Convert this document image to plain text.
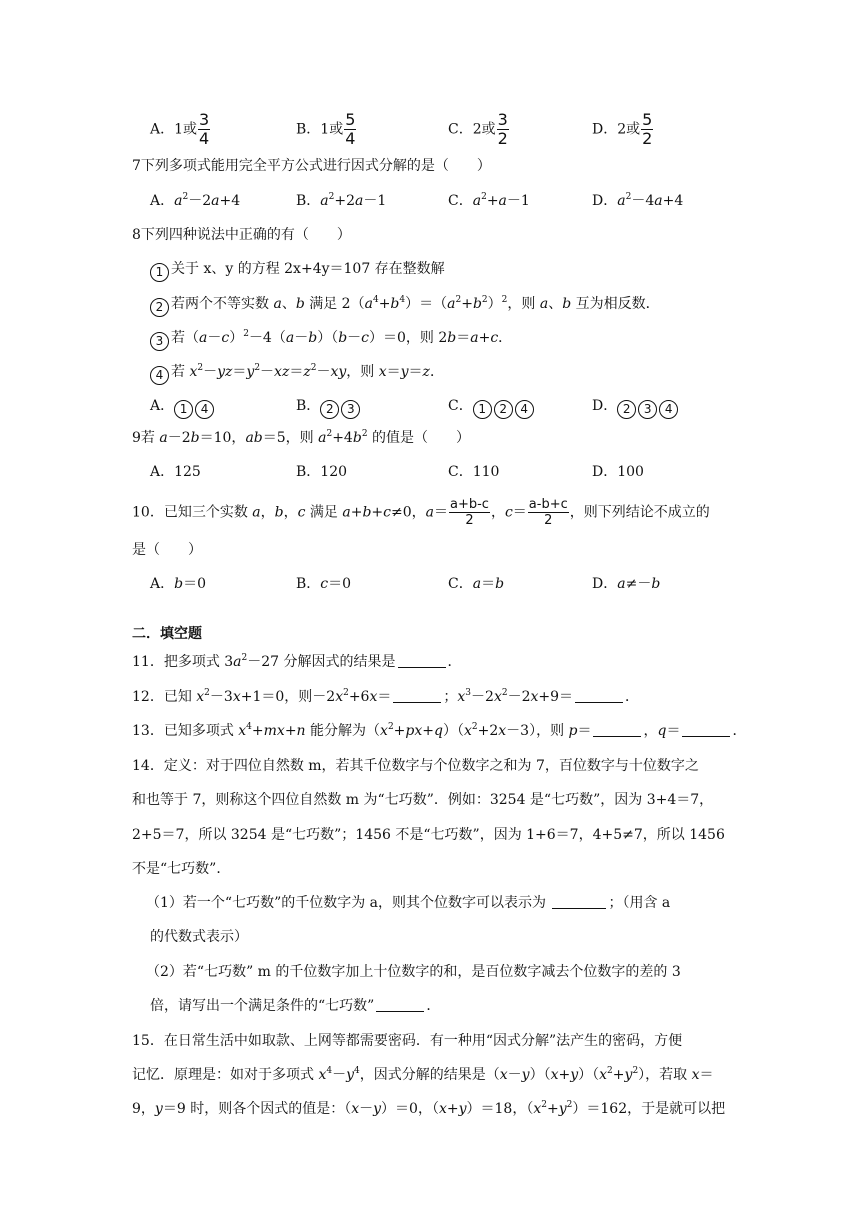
A．1或 $\frac{3}{4}$	B．1或 $\frac{5}{4}$	C．2或 $\frac{3}{2}$	D．2或 $\frac{5}{2}$
7下列多项式能用完全平方公式进行因式分解的是（　　）
A．$a^2-2a+4$	B．$a^2+2a-1$	C．$a^2+a-1$	D．$a^2-4a+4$
8下列四种说法中正确的有（　　）
1 关于 x、y 的方程 2x+4y＝107 存在整数解
2 若两个不等实数 a、b 满足 $2(a^4+b^4)=(a^2+b^2)^2$，则 a、b 互为相反数．
3 若$(a-c)^2-4(a-b)(b-c)=0$，则 2b＝a+c．
4 若 $x^2-yz=y^2-xz=z^2-xy$，则 x＝y＝z．
A． 1 4	B． 2 3	C． 1 2 4	D． 2 3 4
9若 a－2b＝10，ab＝5，则 $a^2+4b^2$ 的值是（　　）
A．125	B．120	C．110	D．100
10．已知三个实数 a，b，c 满足 a+b+c≠0，$a= \frac{a+b-c}{2}$ ，$c= \frac{a-b+c}{2}$ ，则下列结论不成立的
是（　　）
A．b＝0	B．c＝0	C．a＝b	D．a≠－b
二．填空题
11．把多项式 $3a^2-27$ 分解因式的结果是	．
12．已知 $x^2-3x+1=0$，则$-2x^2+6x=$	；$x^3-2x^2-2x+9=$	．
13．已知多项式 $x^4+mx+n$ 能分解为$(x^2+px+q)(x^2+2x-3)$，则 p＝	，q＝	．
14．定义：对于四位自然数 m，若其千位数字与个位数字之和为 7，百位数字与十位数字之
和也等于 7，则称这个四位自然数 m 为“七巧数”．例如：3254 是“七巧数”，因为 3+4＝7，
2+5＝7，所以 3254 是“七巧数”；1456 不是“七巧数”，因为 1+6＝7，4+5≠7，所以 1456
不是“七巧数”．
（1）若一个“七巧数”的千位数字为 a，则其个位数字可以表示为	；（用含 a
的代数式表示）
（2）若“七巧数” m 的千位数字加上十位数字的和，是百位数字减去个位数字的差的 3
倍，请写出一个满足条件的“七巧数”	．
15．在日常生活中如取款、上网等都需要密码．有一种用“因式分解”法产生的密码，方便
记忆．原理是：如对于多项式 $x^4-y^4$，因式分解的结果是$(x-y)(x+y)(x^2+y^2)$，若取 x＝
9，y＝9 时，则各个因式的值是：（x－y）＝0，（x+y）＝18，$(x^2+y^2)=162$，于是就可以把
